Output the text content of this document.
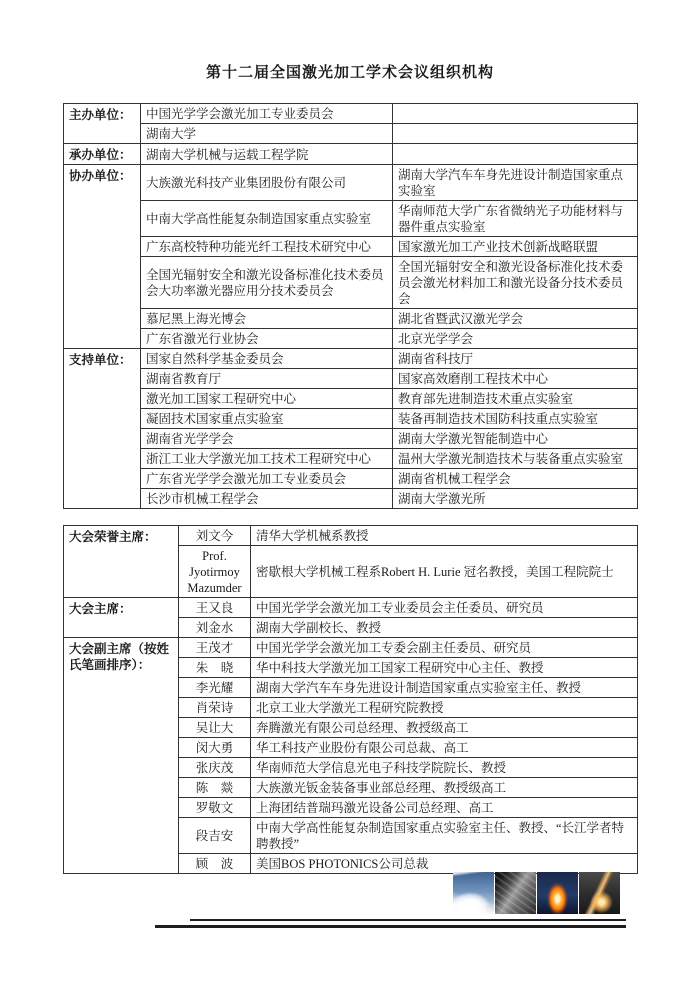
第十二届全国激光加工学术会议组织机构
主办单位：	中国光学学会激光加工专业委员会	
	湖南大学	
承办单位：	湖南大学机械与运载工程学院	
协办单位：	大族激光科技产业集团股份有限公司	湖南大学汽车车身先进设计制造国家重点实验室
	中南大学高性能复杂制造国家重点实验室	华南师范大学广东省微纳光子功能材料与器件重点实验室
	广东高校特种功能光纤工程技术研究中心	国家激光加工产业技术创新战略联盟
	全国光辐射安全和激光设备标准化技术委员会大功率激光器应用分技术委员会	全国光辐射安全和激光设备标准化技术委员会激光材料加工和激光设备分技术委员会
	慕尼黑上海光博会	湖北省暨武汉激光学会
	广东省激光行业协会	北京光学学会
支持单位：	国家自然科学基金委员会	湖南省科技厅
	湖南省教育厅	国家高效磨削工程技术中心
	激光加工国家工程研究中心	教育部先进制造技术重点实验室
	凝固技术国家重点实验室	装备再制造技术国防科技重点实验室
	湖南省光学学会	湖南大学激光智能制造中心
	浙江工业大学激光加工技术工程研究中心	温州大学激光制造技术与装备重点实验室
	广东省光学学会激光加工专业委员会	湖南省机械工程学会
	长沙市机械工程学会	湖南大学激光所
大会荣誉主席：	刘文今	清华大学机械系教授
	Prof. Jyotirmoy Mazumder	密歇根大学机械工程系Robert H. Lurie 冠名教授，美国工程院院士
大会主席：	王又良	中国光学学会激光加工专业委员会主任委员、研究员
	刘金水	湖南大学副校长、教授
大会副主席（按姓氏笔画排序）：	王茂才	中国光学学会激光加工专委会副主任委员、研究员
	朱　晓	华中科技大学激光加工国家工程研究中心主任、教授
	李光耀	湖南大学汽车车身先进设计制造国家重点实验室主任、教授
	肖荣诗	北京工业大学激光工程研究院教授
	吴让大	奔腾激光有限公司总经理、教授级高工
	闵大勇	华工科技产业股份有限公司总裁、高工
	张庆茂	华南师范大学信息光电子科技学院院长、教授
	陈　燚	大族激光钣金装备事业部总经理、教授级高工
	罗敬文	上海团结普瑞玛激光设备公司总经理、高工
	段吉安	中南大学高性能复杂制造国家重点实验室主任、教授、“长江学者特聘教授”
	顾　波	美国BOS PHOTONICS公司总裁
